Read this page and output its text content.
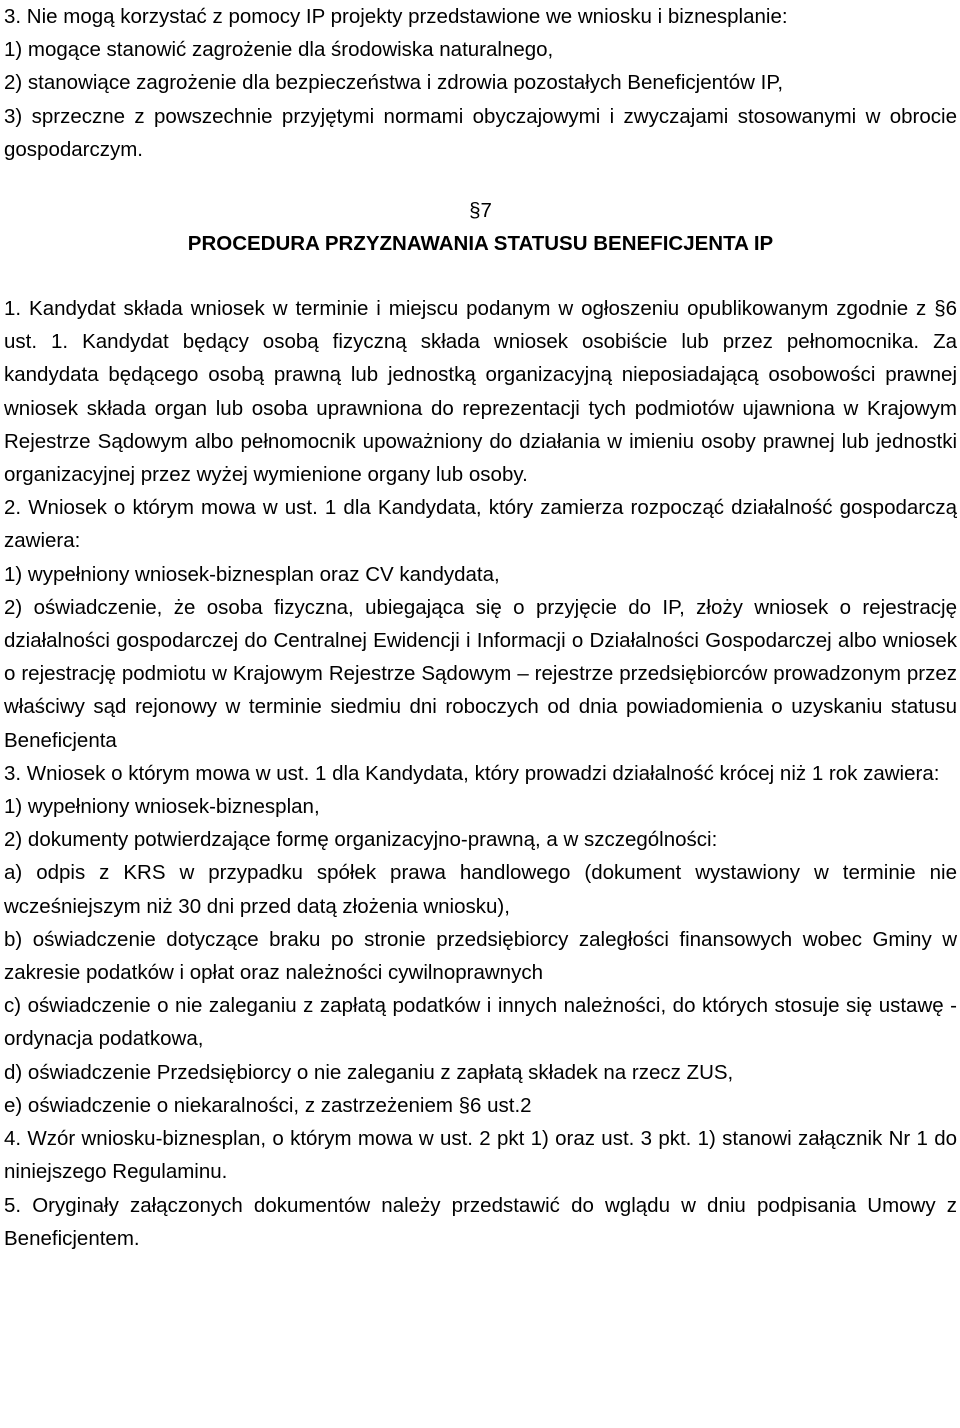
3. Nie mogą korzystać z pomocy IP projekty przedstawione we wniosku i biznesplanie:

1) mogące stanowić zagrożenie dla środowiska naturalnego,

2) stanowiące zagrożenie dla bezpieczeństwa i zdrowia pozostałych Beneficjentów IP,

3) sprzeczne z powszechnie przyjętymi normami obyczajowymi i zwyczajami stosowanymi w obrocie gospodarczym.

§7

PROCEDURA PRZYZNAWANIA STATUSU BENEFICJENTA IP

1. Kandydat składa wniosek w terminie i miejscu podanym w ogłoszeniu opublikowanym zgodnie z §6 ust. 1. Kandydat będący osobą fizyczną składa wniosek osobiście lub przez pełnomocnika. Za kandydata będącego osobą prawną lub jednostką organizacyjną nieposiadającą osobowości prawnej wniosek składa organ lub osoba uprawniona do reprezentacji tych podmiotów ujawniona w Krajowym Rejestrze Sądowym albo pełnomocnik upoważniony do działania w imieniu osoby prawnej lub jednostki organizacyjnej przez wyżej wymienione organy lub osoby.

2. Wniosek o którym mowa w ust. 1 dla Kandydata, który zamierza rozpocząć działalność gospodarczą zawiera:

1) wypełniony wniosek-biznesplan oraz CV kandydata,

2) oświadczenie, że osoba fizyczna, ubiegająca się o przyjęcie do IP, złoży wniosek o rejestrację działalności gospodarczej do Centralnej Ewidencji i Informacji o Działalności Gospodarczej albo wniosek o rejestrację podmiotu w Krajowym Rejestrze Sądowym – rejestrze przedsiębiorców prowadzonym przez właściwy sąd rejonowy w terminie siedmiu dni roboczych od dnia powiadomienia o uzyskaniu statusu Beneficjenta

3. Wniosek o którym mowa w ust. 1 dla Kandydata, który prowadzi działalność krócej niż 1 rok zawiera:

1) wypełniony wniosek-biznesplan,

2) dokumenty potwierdzające formę organizacyjno-prawną, a w szczególności:

a) odpis z KRS w przypadku spółek prawa handlowego (dokument wystawiony w terminie nie wcześniejszym niż 30 dni przed datą złożenia wniosku),

b) oświadczenie dotyczące braku po stronie przedsiębiorcy zaległości finansowych wobec Gminy w zakresie podatków i opłat oraz należności cywilnoprawnych

c) oświadczenie o nie zaleganiu z zapłatą podatków i innych należności, do których stosuje się ustawę - ordynacja podatkowa,

d) oświadczenie Przedsiębiorcy o nie zaleganiu z zapłatą składek na rzecz ZUS,

e) oświadczenie o niekaralności, z zastrzeżeniem §6 ust.2

4. Wzór wniosku-biznesplan, o którym mowa w ust. 2 pkt 1) oraz ust. 3 pkt. 1) stanowi załącznik Nr 1 do niniejszego Regulaminu.

5. Oryginały załączonych dokumentów należy przedstawić do wglądu w dniu podpisania Umowy z Beneficjentem.
